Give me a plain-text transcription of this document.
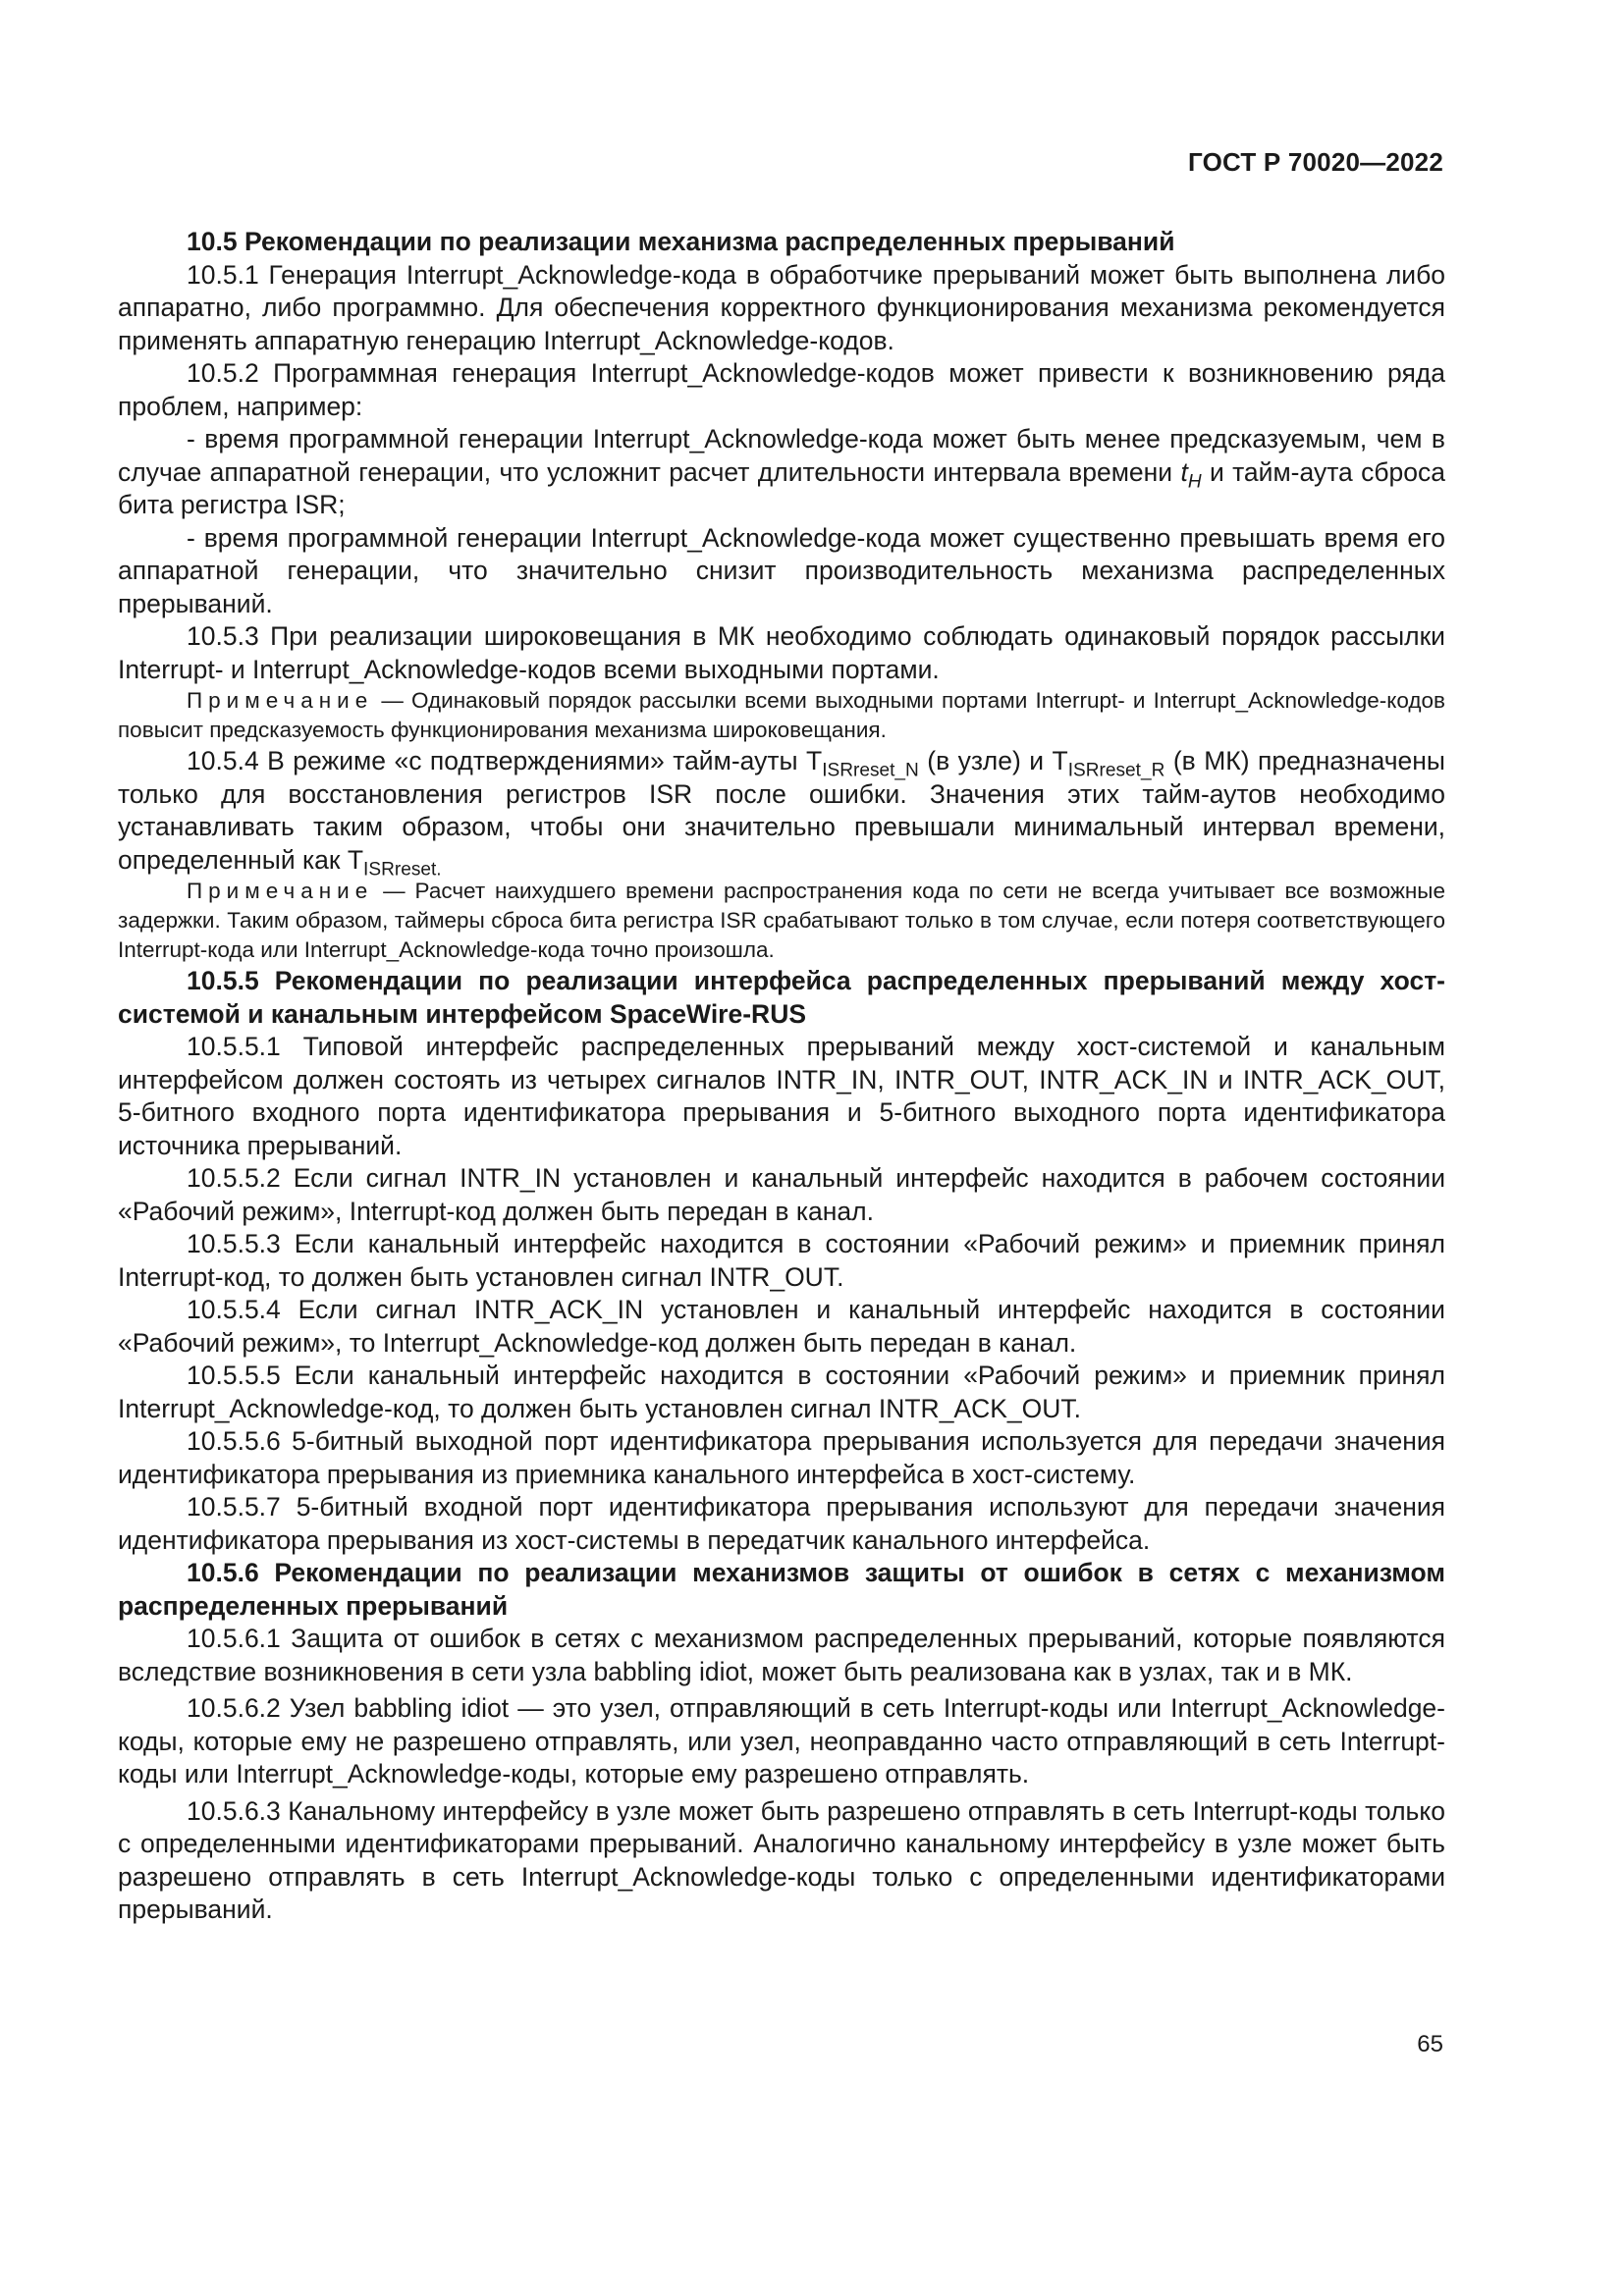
ГОСТ Р 70020—2022

10.5 Рекомендации по реализации механизма распределенных прерываний

10.5.1 Генерация Interrupt_Acknowledge-кода в обработчике прерываний может быть выполнена либо аппаратно, либо программно. Для обеспечения корректного функционирования механизма рекомендуется применять аппаратную генерацию Interrupt_Acknowledge-кодов.

10.5.2 Программная генерация Interrupt_Acknowledge-кодов может привести к возникновению ряда проблем, например:

- время программной генерации Interrupt_Acknowledge-кода может быть менее предсказуемым, чем в случае аппаратной генерации, что усложнит расчет длительности интервала времени $t_H$ и тайм-аута сброса бита регистра ISR;

- время программной генерации Interrupt_Acknowledge-кода может существенно превышать время его аппаратной генерации, что значительно снизит производительность механизма распределенных прерываний.

10.5.3 При реализации широковещания в МК необходимо соблюдать одинаковый порядок рассылки Interrupt- и Interrupt_Acknowledge-кодов всеми выходными портами.

Примечание — Одинаковый порядок рассылки всеми выходными портами Interrupt- и Interrupt_Acknowledge-кодов повысит предсказуемость функционирования механизма широковещания.

10.5.4 В режиме «с подтверждениями» тайм-ауты $T_{ISRreset\_N}$ (в узле) и $T_{ISRreset\_R}$ (в МК) предназначены только для восстановления регистров ISR после ошибки. Значения этих тайм-аутов необходимо устанавливать таким образом, чтобы они значительно превышали минимальный интервал времени, определенный как $T_{ISRreset.}$

Примечание — Расчет наихудшего времени распространения кода по сети не всегда учитывает все возможные задержки. Таким образом, таймеры сброса бита регистра ISR срабатывают только в том случае, если потеря соответствующего Interrupt-кода или Interrupt_Acknowledge-кода точно произошла.

10.5.5 Рекомендации по реализации интерфейса распределенных прерываний между хост-системой и канальным интерфейсом SpaceWire-RUS

10.5.5.1 Типовой интерфейс распределенных прерываний между хост-системой и канальным интерфейсом должен состоять из четырех сигналов INTR_IN, INTR_OUT, INTR_ACK_IN и INTR_ACK_OUT, 5-битного входного порта идентификатора прерывания и 5-битного выходного порта идентификатора источника прерываний.

10.5.5.2 Если сигнал INTR_IN установлен и канальный интерфейс находится в рабочем состоянии «Рабочий режим», Interrupt-код должен быть передан в канал.

10.5.5.3 Если канальный интерфейс находится в состоянии «Рабочий режим» и приемник принял Interrupt-код, то должен быть установлен сигнал INTR_OUT.

10.5.5.4 Если сигнал INTR_ACK_IN установлен и канальный интерфейс находится в состоянии «Рабочий режим», то Interrupt_Acknowledge-код должен быть передан в канал.

10.5.5.5 Если канальный интерфейс находится в состоянии «Рабочий режим» и приемник принял Interrupt_Acknowledge-код, то должен быть установлен сигнал INTR_ACK_OUT.

10.5.5.6 5-битный выходной порт идентификатора прерывания используется для передачи значения идентификатора прерывания из приемника канального интерфейса в хост-систему.

10.5.5.7 5-битный входной порт идентификатора прерывания используют для передачи значения идентификатора прерывания из хост-системы в передатчик канального интерфейса.

10.5.6 Рекомендации по реализации механизмов защиты от ошибок в сетях с механизмом распределенных прерываний

10.5.6.1 Защита от ошибок в сетях с механизмом распределенных прерываний, которые появляются вследствие возникновения в сети узла babbling idiot, может быть реализована как в узлах, так и в МК.

10.5.6.2 Узел babbling idiot — это узел, отправляющий в сеть Interrupt-коды или Interrupt_Acknowledge-коды, которые ему не разрешено отправлять, или узел, неоправданно часто отправляющий в сеть Interrupt-коды или Interrupt_Acknowledge-коды, которые ему разрешено отправлять.

10.5.6.3 Канальному интерфейсу в узле может быть разрешено отправлять в сеть Interrupt-коды только с определенными идентификаторами прерываний. Аналогично канальному интерфейсу в узле может быть разрешено отправлять в сеть Interrupt_Acknowledge-коды только с определенными идентификаторами прерываний.

65
